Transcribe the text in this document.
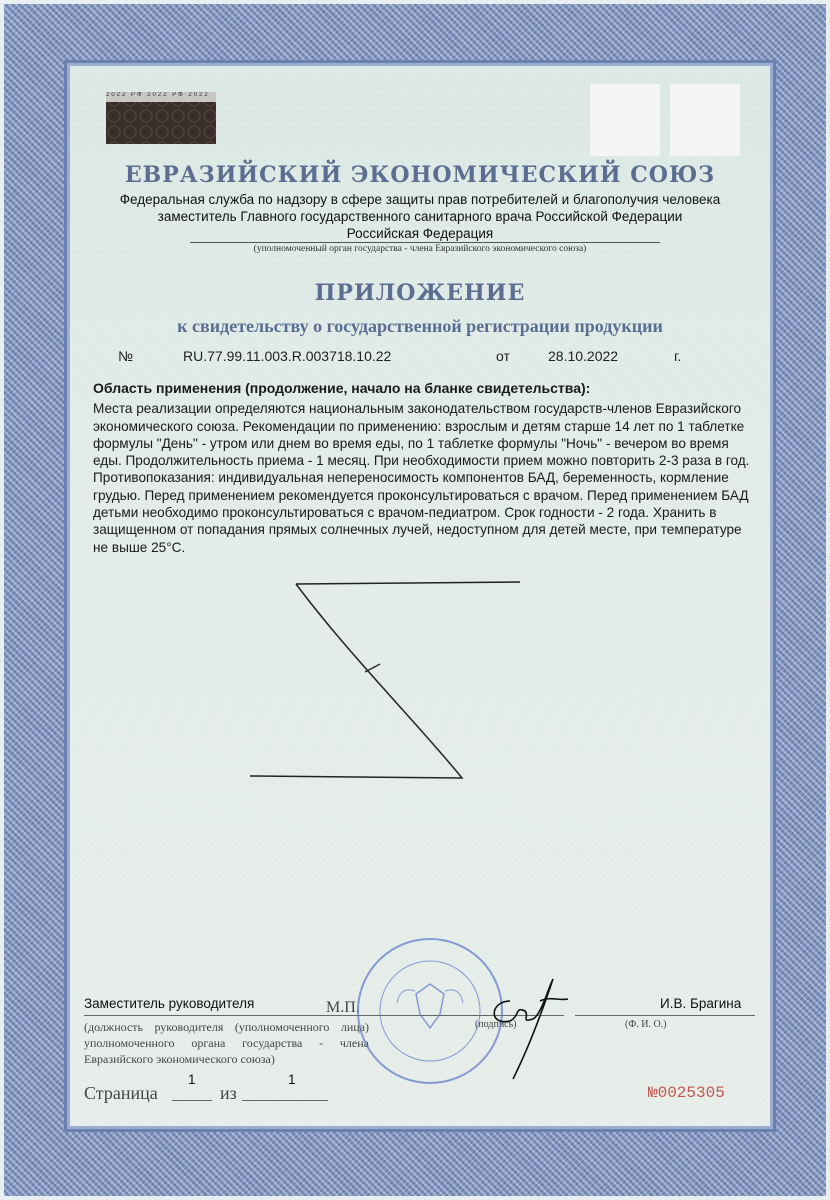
2022 РФ 2022 РФ 2022
ЕВРАЗИЙСКИЙ ЭКОНОМИЧЕСКИЙ СОЮЗ
Федеральная служба по надзору в сфере защиты прав потребителей и благополучия человека
заместитель Главного государственного санитарного врача Российской Федерации
Российская Федерация
(уполномоченный орган государства - члена Евразийского экономического союза)
ПРИЛОЖЕНИЕ
к свидетельству о государственной регистрации продукции
№	RU.77.99.11.003.R.003718.10.22	от	28.10.2022	г.
Область применения (продолжение, начало на бланке свидетельства):
Места реализации определяются национальным законодательством государств-членов Евразийского экономического союза. Рекомендации по применению: взрослым и детям старше 14 лет по 1 таблетке формулы "День" - утром или днем во время еды, по 1 таблетке формулы "Ночь" - вечером во время еды. Продолжительность приема - 1 месяц. При необходимости прием можно повторить 2-3 раза в год. Противопоказания: индивидуальная непереносимость компонентов БАД, беременность, кормление грудью. Перед применением рекомендуется проконсультироваться с врачом. Перед применением БАД детьми необходимо проконсультироваться с врачом-педиатром. Срок годности - 2 года. Хранить в защищенном от попадания прямых солнечных лучей, недоступном для детей месте, при температуре не выше 25°C.
Заместитель руководителя	М.П.
(подпись)
И.В. Брагина
(Ф. И. О.)
(должность руководителя (уполномоченного лица) уполномоченного органа государства - члена Евразийского экономического союза)
Страница
1
из
1
№0025305
